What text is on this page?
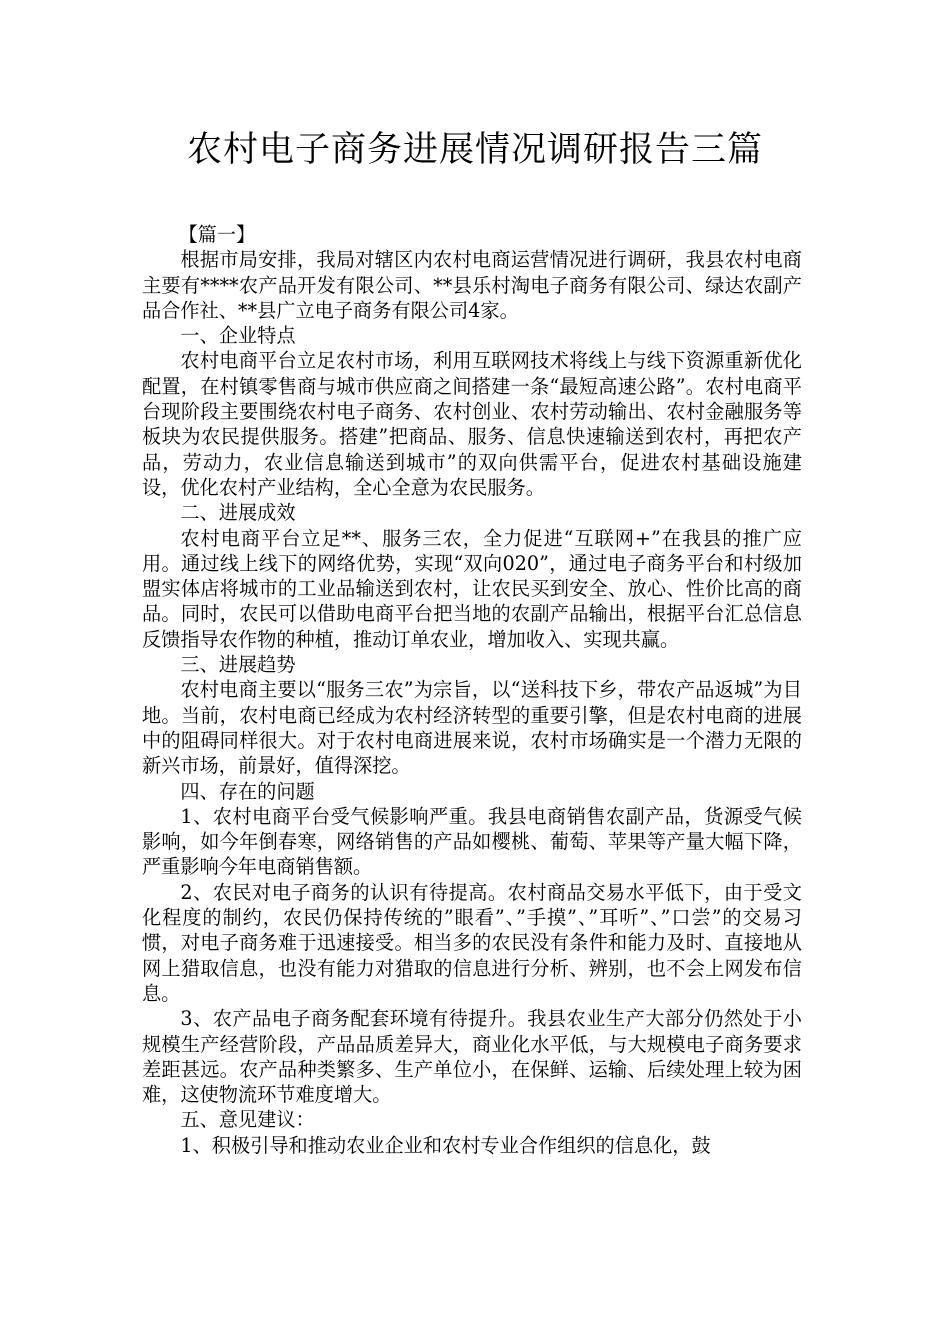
农村电子商务进展情况调研报告三篇

【篇一】

根据市局安排，我局对辖区内农村电商运营情况进行调研，我县农村电商主要有****农产品开发有限公司、**县乐村淘电子商务有限公司、绿达农副产品合作社、**县广立电子商务有限公司4家。

一、企业特点

农村电商平台立足农村市场，利用互联网技术将线上与线下资源重新优化配置，在村镇零售商与城市供应商之间搭建一条“最短高速公路”。农村电商平台现阶段主要围绕农村电子商务、农村创业、农村劳动输出、农村金融服务等板块为农民提供服务。搭建”把商品、服务、信息快速输送到农村，再把农产品，劳动力，农业信息输送到城市”的双向供需平台，促进农村基础设施建设，优化农村产业结构，全心全意为农民服务。

二、进展成效

农村电商平台立足**、服务三农，全力促进“互联网+”在我县的推广应用。通过线上线下的网络优势，实现“双向020”，通过电子商务平台和村级加盟实体店将城市的工业品输送到农村，让农民买到安全、放心、性价比高的商品。同时，农民可以借助电商平台把当地的农副产品输出，根据平台汇总信息反馈指导农作物的种植，推动订单农业，增加收入、实现共赢。

三、进展趋势

农村电商主要以“服务三农”为宗旨，以“送科技下乡，带农产品返城”为目地。当前，农村电商已经成为农村经济转型的重要引擎，但是农村电商的进展中的阻碍同样很大。对于农村电商进展来说，农村市场确实是一个潜力无限的新兴市场，前景好，值得深挖。

四、存在的问题

1、农村电商平台受气候影响严重。我县电商销售农副产品，货源受气候影响，如今年倒春寒，网络销售的产品如樱桃、葡萄、苹果等产量大幅下降，严重影响今年电商销售额。

2、农民对电子商务的认识有待提高。农村商品交易水平低下，由于受文化程度的制约，农民仍保持传统的”眼看”、”手摸”、”耳听”、”口尝”的交易习惯，对电子商务难于迅速接受。相当多的农民没有条件和能力及时、直接地从网上猎取信息，也没有能力对猎取的信息进行分析、辨别，也不会上网发布信息。

3、农产品电子商务配套环境有待提升。我县农业生产大部分仍然处于小规模生产经营阶段，产品品质差异大，商业化水平低，与大规模电子商务要求差距甚远。农产品种类繁多、生产单位小，在保鲜、运输、后续处理上较为困难，这使物流环节难度增大。

五、意见建议：

1、积极引导和推动农业企业和农村专业合作组织的信息化，鼓
